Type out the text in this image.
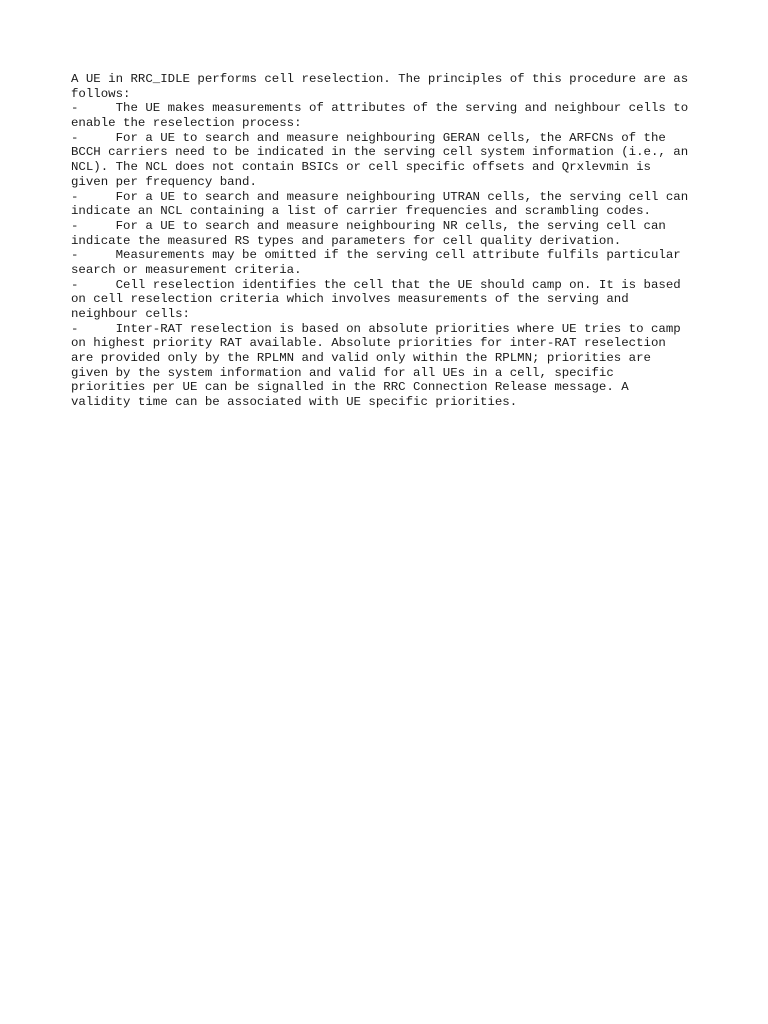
A UE in RRC_IDLE performs cell reselection. The principles of this procedure are as
follows:
-     The UE makes measurements of attributes of the serving and neighbour cells to
enable the reselection process:
-     For a UE to search and measure neighbouring GERAN cells, the ARFCNs of the
BCCH carriers need to be indicated in the serving cell system information (i.e., an
NCL). The NCL does not contain BSICs or cell specific offsets and Qrxlevmin is
given per frequency band.
-     For a UE to search and measure neighbouring UTRAN cells, the serving cell can
indicate an NCL containing a list of carrier frequencies and scrambling codes.
-     For a UE to search and measure neighbouring NR cells, the serving cell can
indicate the measured RS types and parameters for cell quality derivation.
-     Measurements may be omitted if the serving cell attribute fulfils particular
search or measurement criteria.
-     Cell reselection identifies the cell that the UE should camp on. It is based
on cell reselection criteria which involves measurements of the serving and
neighbour cells:
-     Inter-RAT reselection is based on absolute priorities where UE tries to camp
on highest priority RAT available. Absolute priorities for inter-RAT reselection
are provided only by the RPLMN and valid only within the RPLMN; priorities are
given by the system information and valid for all UEs in a cell, specific
priorities per UE can be signalled in the RRC Connection Release message. A
validity time can be associated with UE specific priorities.
